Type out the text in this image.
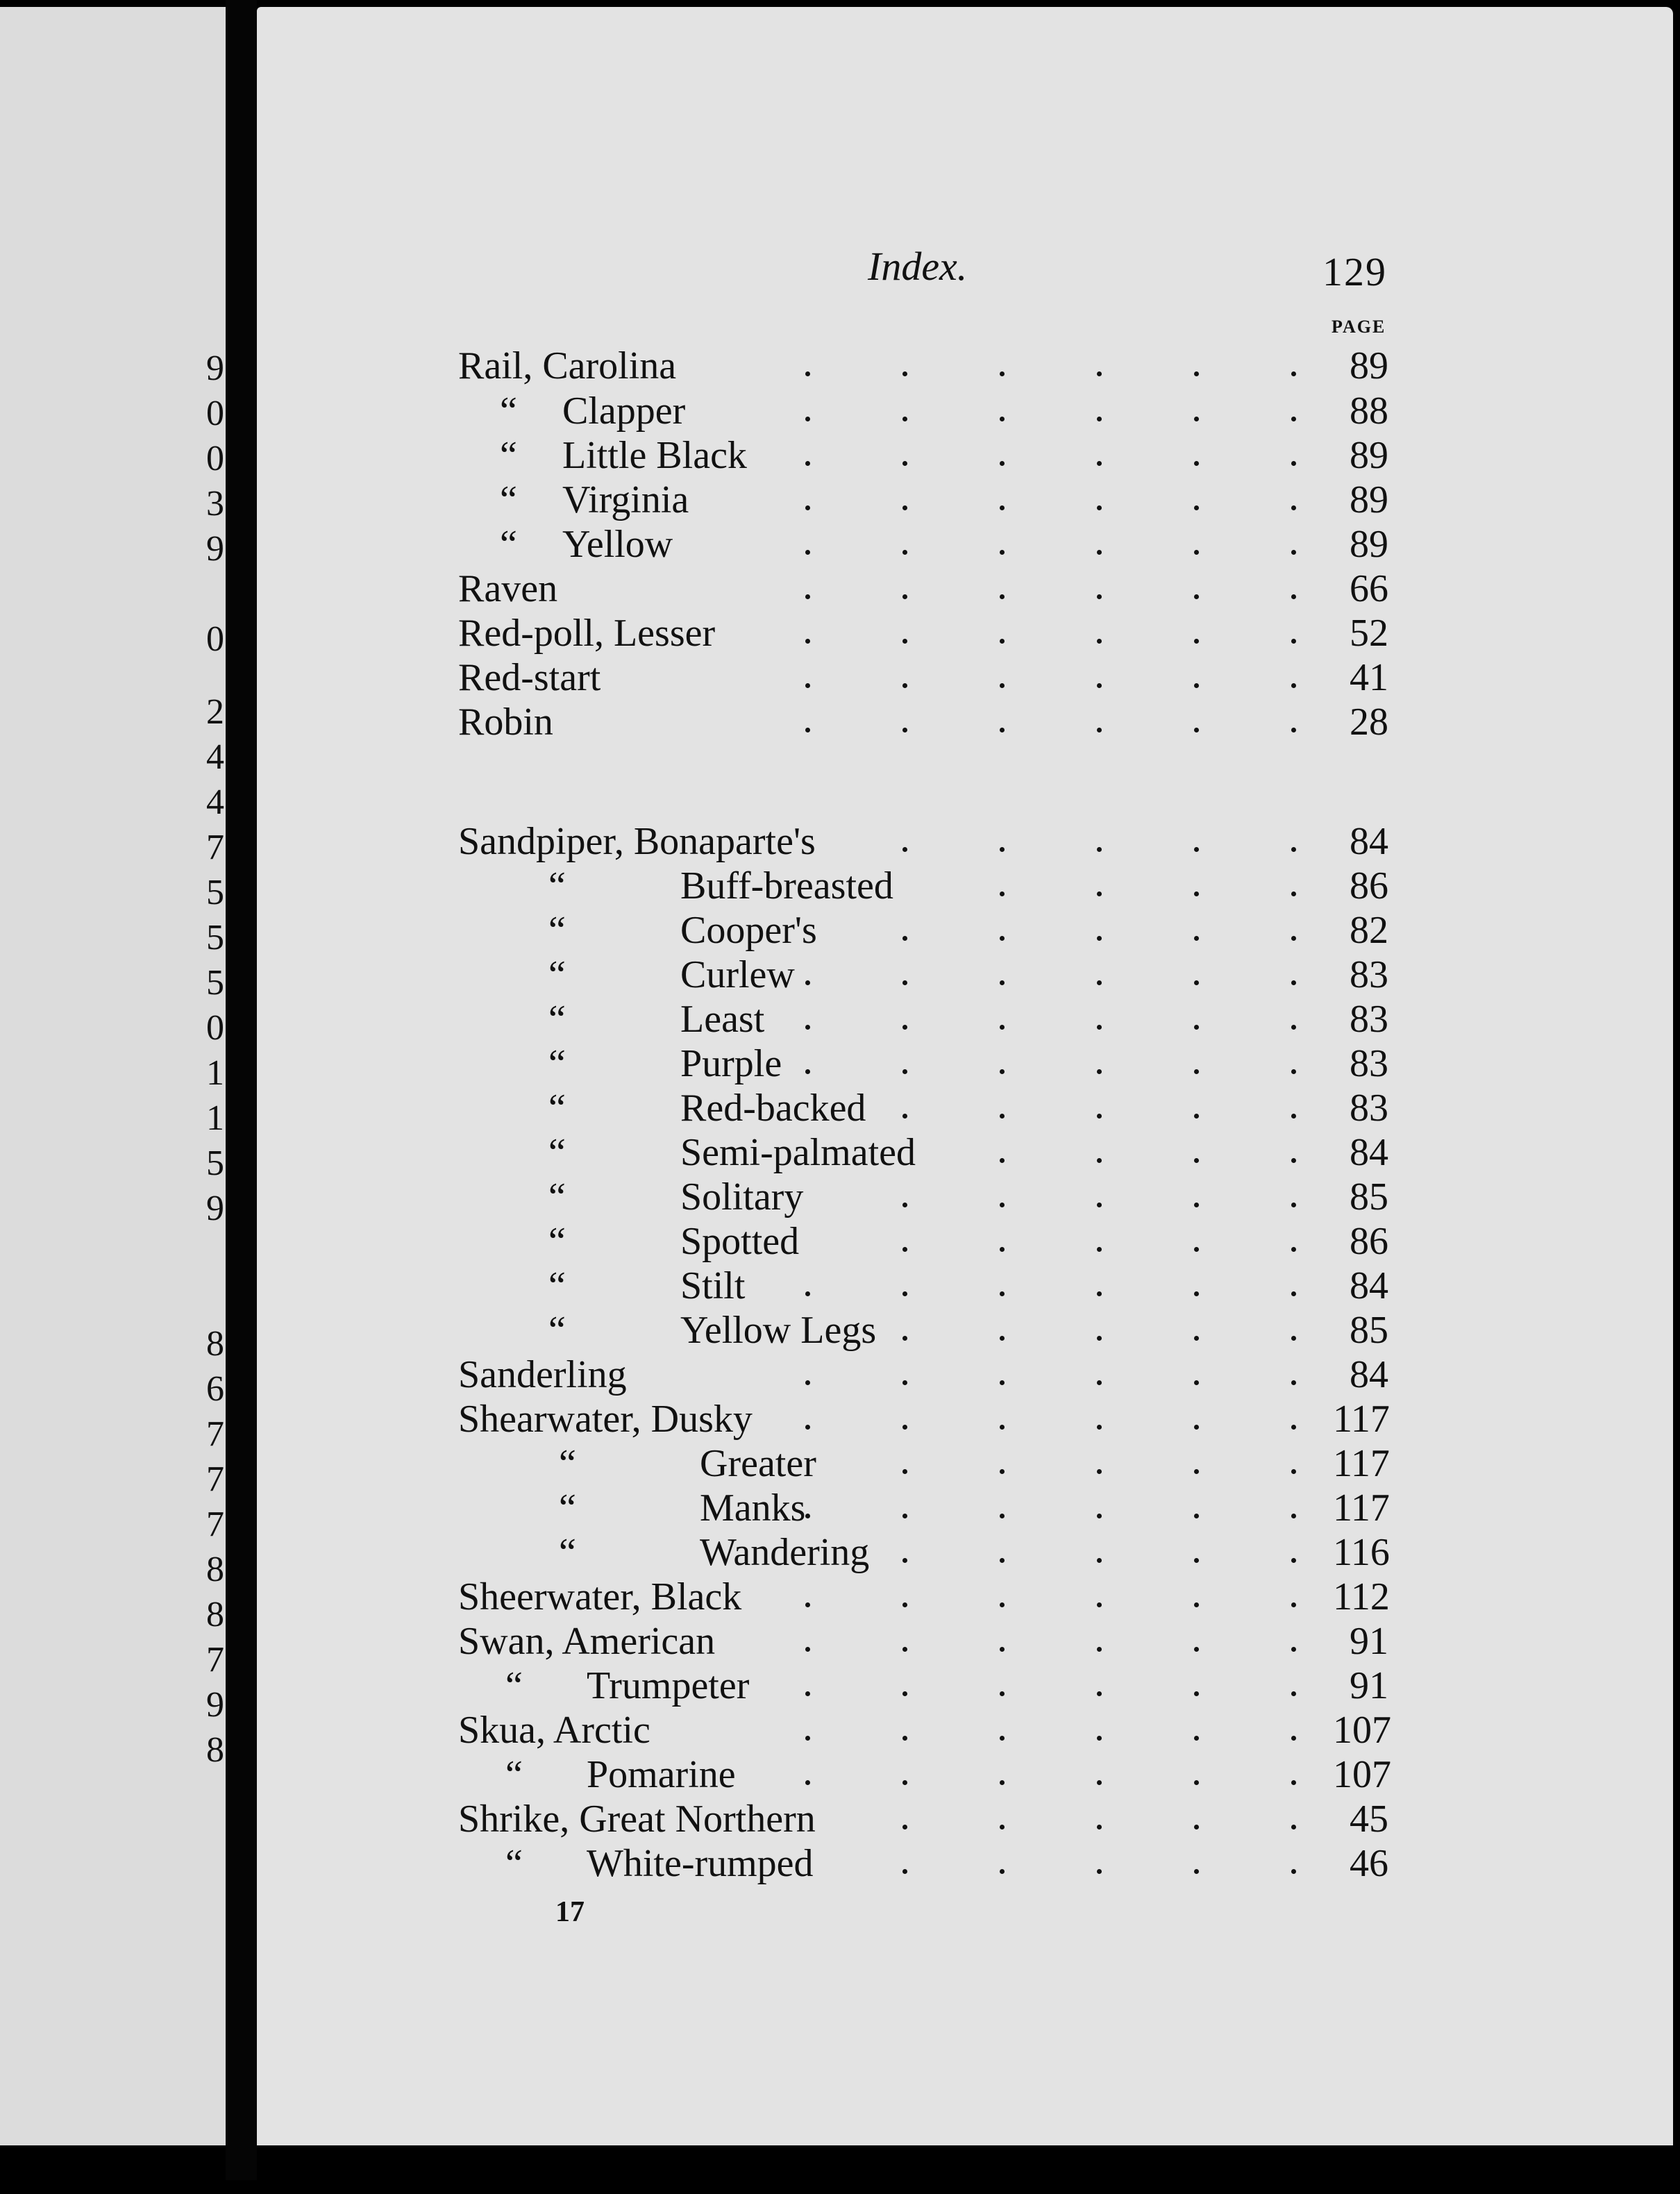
9
0
0
3
9
0
2
4
4
7
5
5
5
0
1
1
5
9
8
6
7
7
7
8
8
7
9
8
Index.	129
PAGE
Rail, Carolina	89
“ Clapper	88
“ Little Black	89
“ Virginia	89
“ Yellow	89
Raven	66
Red-poll, Lesser	52
Red-start	41
Robin	28
Sandpiper, Bonaparte's	84
“	Buff-breasted	86
“	Cooper's	82
“	Curlew	83
“	Least	83
“	Purple	83
“	Red-backed	83
“	Semi-palmated	84
“	Solitary	85
“	Spotted	86
“	Stilt	84
“	Yellow Legs	85
Sanderling	84
Shearwater, Dusky	117
“	Greater	117
“	Manks	117
“	Wandering	116
Sheerwater, Black	112
Swan, American	91
“ Trumpeter	91
Skua, Arctic	107
“ Pomarine	107
Shrike, Great Northern	45
“ White-rumped	46
17
